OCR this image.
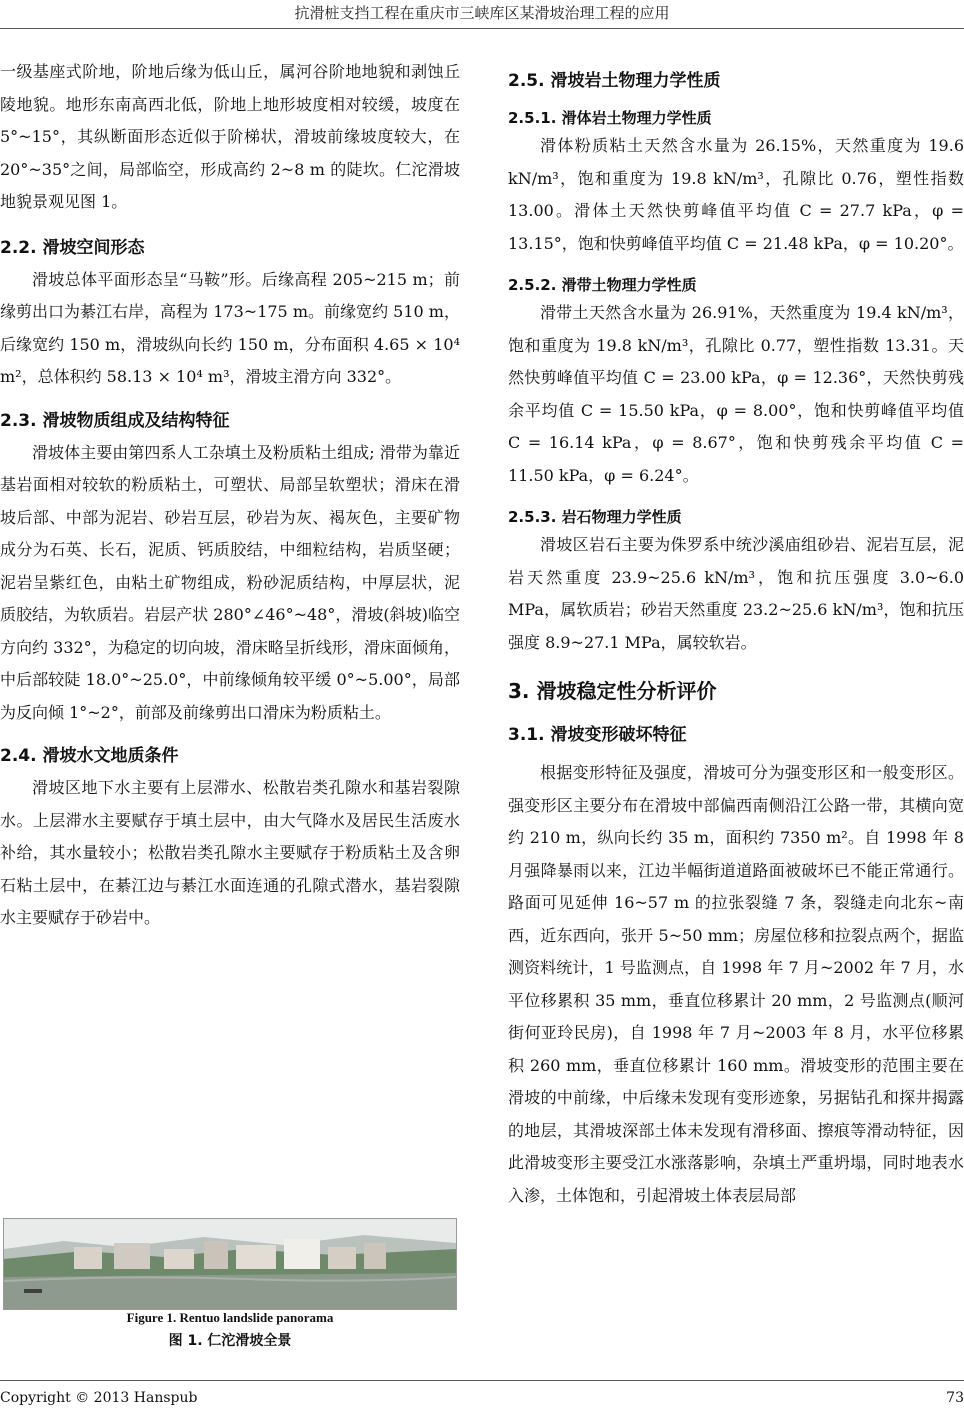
抗滑桩支挡工程在重庆市三峡库区某滑坡治理工程的应用

一级基座式阶地，阶地后缘为低山丘，属河谷阶地地貌和剥蚀丘陵地貌。地形东南高西北低，阶地上地形坡度相对较缓，坡度在 5°~15°，其纵断面形态近似于阶梯状，滑坡前缘坡度较大，在 20°~35°之间，局部临空，形成高约 2~8 m 的陡坎。仁沱滑坡地貌景观见图 1。

2.2. 滑坡空间形态

滑坡总体平面形态呈“马鞍”形。后缘高程 205~215 m；前缘剪出口为綦江右岸，高程为 173~175 m。前缘宽约 510 m，后缘宽约 150 m，滑坡纵向长约 150 m，分布面积 4.65 × 10⁴ m²，总体积约 58.13 × 10⁴ m³，滑坡主滑方向 332°。

2.3. 滑坡物质组成及结构特征

滑坡体主要由第四系人工杂填土及粉质粘土组成; 滑带为靠近基岩面相对较软的粉质粘土，可塑状、局部呈软塑状；滑床在滑坡后部、中部为泥岩、砂岩互层，砂岩为灰、褐灰色，主要矿物成分为石英、长石，泥质、钙质胶结，中细粒结构，岩质坚硬；泥岩呈紫红色，由粘土矿物组成，粉砂泥质结构，中厚层状，泥质胶结，为软质岩。岩层产状 280°∠46°~48°，滑坡(斜坡)临空方向约 332°，为稳定的切向坡，滑床略呈折线形，滑床面倾角，中后部较陡 18.0°~25.0°，中前缘倾角较平缓 0°~5.00°，局部为反向倾 1°~2°，前部及前缘剪出口滑床为粉质粘土。

2.4. 滑坡水文地质条件

滑坡区地下水主要有上层滞水、松散岩类孔隙水和基岩裂隙水。上层滞水主要赋存于填土层中，由大气降水及居民生活废水补给，其水量较小；松散岩类孔隙水主要赋存于粉质粘土及含卵石粘土层中，在綦江边与綦江水面连通的孔隙式潜水，基岩裂隙水主要赋存于砂岩中。

Figure 1. Rentuo landslide panorama
图 1. 仁沱滑坡全景
2.5. 滑坡岩土物理力学性质
2.5.1. 滑体岩土物理力学性质

滑体粉质粘土天然含水量为 26.15%，天然重度为 19.6 kN/m³，饱和重度为 19.8 kN/m³，孔隙比 0.76，塑性指数 13.00。滑体土天然快剪峰值平均值 C = 27.7 kPa，φ = 13.15°，饱和快剪峰值平均值 C = 21.48 kPa，φ = 10.20°。

2.5.2. 滑带土物理力学性质

滑带土天然含水量为 26.91%，天然重度为 19.4 kN/m³，饱和重度为 19.8 kN/m³，孔隙比 0.77，塑性指数 13.31。天然快剪峰值平均值 C = 23.00 kPa，φ = 12.36°，天然快剪残余平均值 C = 15.50 kPa，φ = 8.00°，饱和快剪峰值平均值 C = 16.14 kPa，φ = 8.67°，饱和快剪残余平均值 C = 11.50 kPa，φ = 6.24°。

2.5.3. 岩石物理力学性质

滑坡区岩石主要为侏罗系中统沙溪庙组砂岩、泥岩互层，泥岩天然重度 23.9~25.6 kN/m³，饱和抗压强度 3.0~6.0 MPa，属软质岩；砂岩天然重度 23.2~25.6 kN/m³，饱和抗压强度 8.9~27.1 MPa，属较软岩。

3. 滑坡稳定性分析评价
3.1. 滑坡变形破坏特征

根据变形特征及强度，滑坡可分为强变形区和一般变形区。强变形区主要分布在滑坡中部偏西南侧沿江公路一带，其横向宽约 210 m，纵向长约 35 m，面积约 7350 m²。自 1998 年 8 月强降暴雨以来，江边半幅街道道路面被破坏已不能正常通行。路面可见延伸 16~57 m 的拉张裂缝 7 条，裂缝走向北东~南西，近东西向，张开 5~50 mm；房屋位移和拉裂点两个，据监测资料统计，1 号监测点，自 1998 年 7 月~2002 年 7 月，水平位移累积 35 mm，垂直位移累计 20 mm，2 号监测点(顺河街何亚玲民房)，自 1998 年 7 月~2003 年 8 月，水平位移累积 260 mm，垂直位移累计 160 mm。滑坡变形的范围主要在滑坡的中前缘，中后缘未发现有变形迹象，另据钻孔和探井揭露的地层，其滑坡深部土体未发现有滑移面、擦痕等滑动特征，因此滑坡变形主要受江水涨落影响，杂填土严重坍塌，同时地表水入渗，土体饱和，引起滑坡土体表层局部

Copyright © 2013 Hanspub	73
